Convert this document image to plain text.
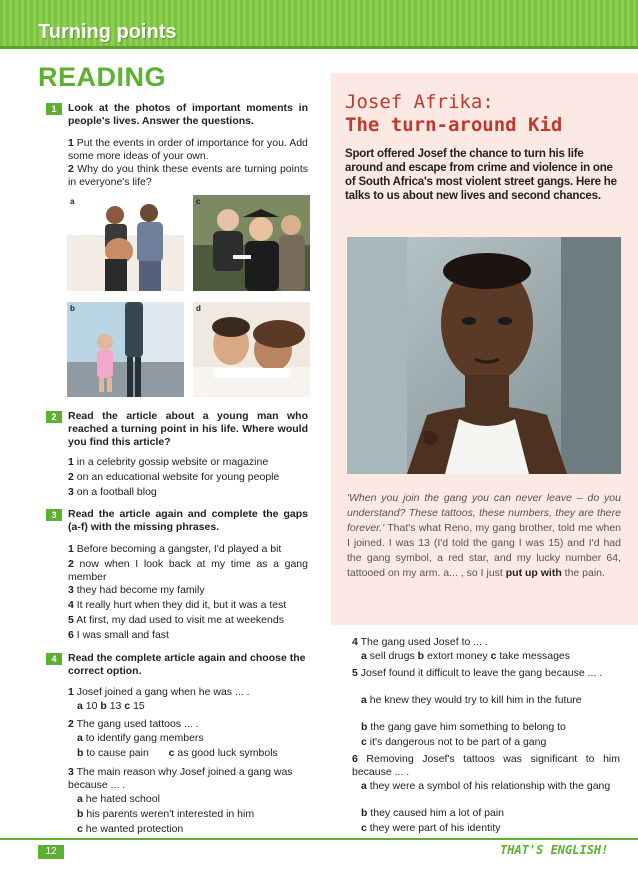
Turning points
READING
1	Look at the photos of important moments in people's lives. Answer the questions.
1 Put the events in order of importance for you. Add some more ideas of your own.
2 Why do you think these events are turning points in everyone's life?
a	c
b	d
2	Read the article about a young man who reached a turning point in his life. Where would you find this article?
1 in a celebrity gossip website or magazine
2 on an educational website for young people
3 on a football blog
3	Read the article again and complete the gaps (a-f) with the missing phrases.
1 Before becoming a gangster, I'd played a bit
2 now when I look back at my time as a gang member
3 they had become my family
4 It really hurt when they did it, but it was a test
5 At first, my dad used to visit me at weekends
6 I was small and fast
4	Read the complete article again and choose the correct option.
1 Josef joined a gang when he was ... .
a 10 b 13 c 15
2 The gang used tattoos ... .
a to identify gang members
b to cause pain c as good luck symbols
3 The main reason why Josef joined a gang was because ... .
a he hated school
b his parents weren't interested in him
c he wanted protection
Josef Afrika:
The turn-around Kid
Sport offered Josef the chance to turn his life around and escape from crime and violence in one of South Africa's most violent street gangs. Here he talks to us about new lives and second chances.
'When you join the gang you can never leave – do you understand? These tattoos, these numbers, they are there forever.' That's what Reno, my gang brother, told me when I joined. I was 13 (I'd told the gang I was 15) and I'd had the gang symbol, a red star, and my lucky number 64, tattooed on my arm. a... , so I just put up with the pain.
4 The gang used Josef to ... .
a sell drugs b extort money c take messages
5 Josef found it difficult to leave the gang because ... .
a he knew they would try to kill him in the future
b the gang gave him something to belong to
c it's dangerous not to be part of a gang
6 Removing Josef's tattoos was significant to him because ... .
a they were a symbol of his relationship with the gang
b they caused him a lot of pain
c they were part of his identity
12	THAT'S ENGLISH!
